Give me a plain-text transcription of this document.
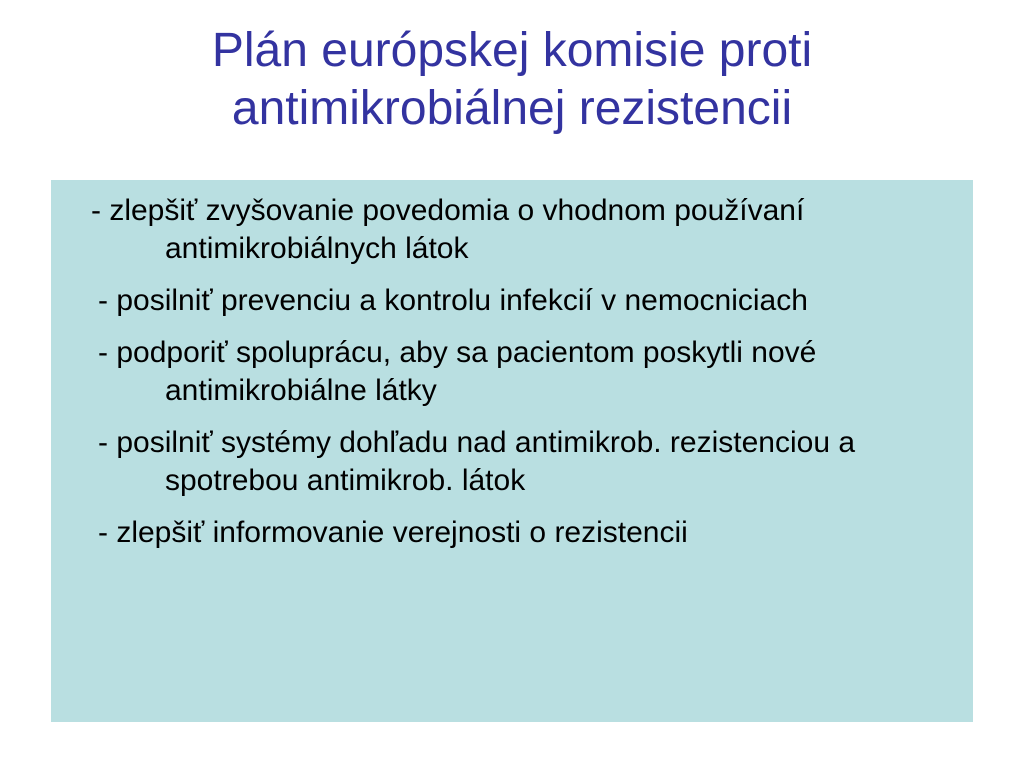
Plán európskej komisie proti
antimikrobiálnej rezistencii
- zlepšiť zvyšovanie povedomia o vhodnom používaní antimikrobiálnych látok
- posilniť prevenciu a kontrolu infekcií v nemocniciach
- podporiť spoluprácu, aby sa pacientom poskytli nové antimikrobiálne látky
- posilniť systémy dohľadu nad antimikrob. rezistenciou a spotrebou antimikrob. látok
- zlepšiť informovanie verejnosti o rezistencii
